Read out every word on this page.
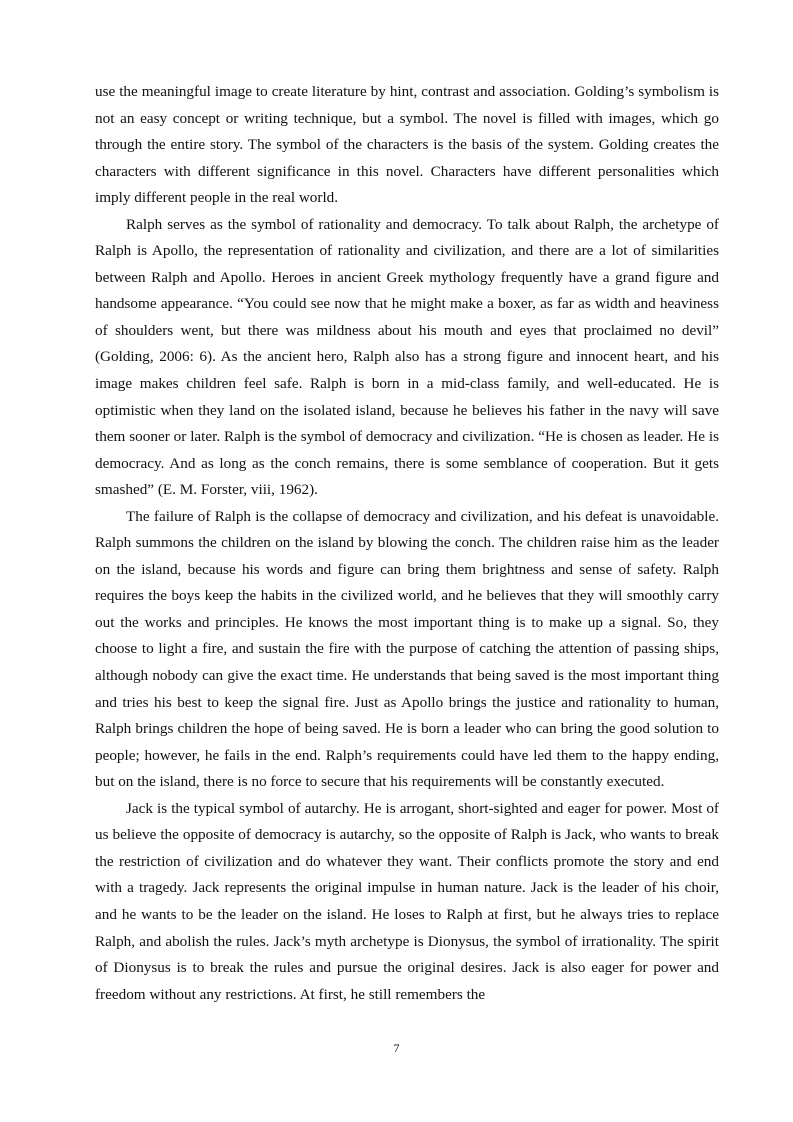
use the meaningful image to create literature by hint, contrast and association. Golding’s symbolism is not an easy concept or writing technique, but a symbol. The novel is filled with images, which go through the entire story. The symbol of the characters is the basis of the system. Golding creates the characters with different significance in this novel. Characters have different personalities which imply different people in the real world.

Ralph serves as the symbol of rationality and democracy. To talk about Ralph, the archetype of Ralph is Apollo, the representation of rationality and civilization, and there are a lot of similarities between Ralph and Apollo. Heroes in ancient Greek mythology frequently have a grand figure and handsome appearance. “You could see now that he might make a boxer, as far as width and heaviness of shoulders went, but there was mildness about his mouth and eyes that proclaimed no devil” (Golding, 2006: 6). As the ancient hero, Ralph also has a strong figure and innocent heart, and his image makes children feel safe. Ralph is born in a mid-class family, and well-educated. He is optimistic when they land on the isolated island, because he believes his father in the navy will save them sooner or later. Ralph is the symbol of democracy and civilization. “He is chosen as leader. He is democracy. And as long as the conch remains, there is some semblance of cooperation. But it gets smashed” (E. M. Forster, viii, 1962).

The failure of Ralph is the collapse of democracy and civilization, and his defeat is unavoidable. Ralph summons the children on the island by blowing the conch. The children raise him as the leader on the island, because his words and figure can bring them brightness and sense of safety. Ralph requires the boys keep the habits in the civilized world, and he believes that they will smoothly carry out the works and principles. He knows the most important thing is to make up a signal. So, they choose to light a fire, and sustain the fire with the purpose of catching the attention of passing ships, although nobody can give the exact time. He understands that being saved is the most important thing and tries his best to keep the signal fire. Just as Apollo brings the justice and rationality to human, Ralph brings children the hope of being saved. He is born a leader who can bring the good solution to people; however, he fails in the end. Ralph’s requirements could have led them to the happy ending, but on the island, there is no force to secure that his requirements will be constantly executed.

Jack is the typical symbol of autarchy. He is arrogant, short-sighted and eager for power. Most of us believe the opposite of democracy is autarchy, so the opposite of Ralph is Jack, who wants to break the restriction of civilization and do whatever they want. Their conflicts promote the story and end with a tragedy. Jack represents the original impulse in human nature. Jack is the leader of his choir, and he wants to be the leader on the island. He loses to Ralph at first, but he always tries to replace Ralph, and abolish the rules. Jack’s myth archetype is Dionysus, the symbol of irrationality. The spirit of Dionysus is to break the rules and pursue the original desires. Jack is also eager for power and freedom without any restrictions. At first, he still remembers the

7
